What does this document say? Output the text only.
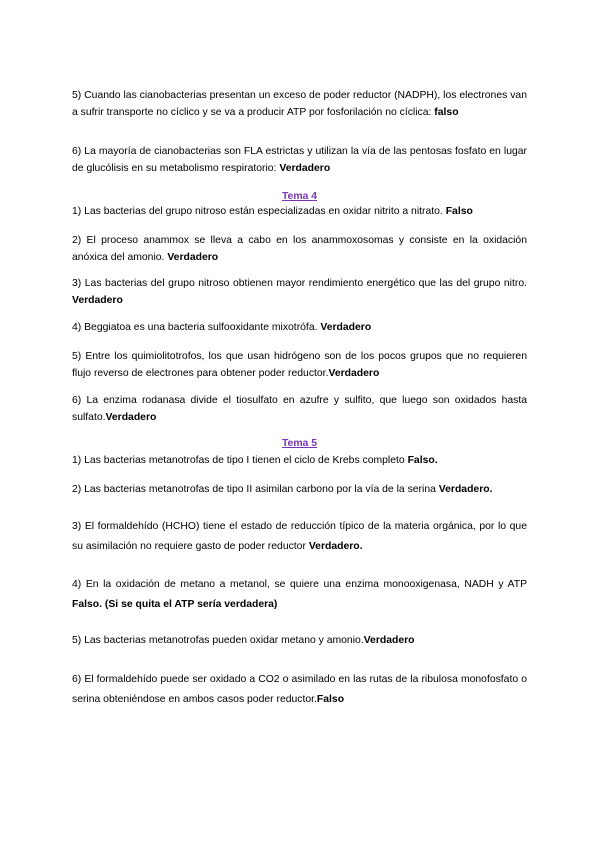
5) Cuando las cianobacterias presentan un exceso de poder reductor (NADPH), los electrones van a sufrir transporte no cíclico y se va a producir ATP por fosforilación no cíclica: falso

6) La mayoría de cianobacterias son FLA estrictas y utilizan la vía de las pentosas fosfato en lugar de glucólisis en su metabolismo respiratorio: Verdadero

Tema 4

1) Las bacterias del grupo nitroso están especializadas en oxidar nitrito a nitrato. Falso

2) El proceso anammox se lleva a cabo en los anammoxosomas y consiste en la oxidación anóxica del amonio. Verdadero

3) Las bacterias del grupo nitroso obtienen mayor rendimiento energético que las del grupo nitro. Verdadero

4) Beggiatoa es una bacteria sulfooxidante mixotrófa. Verdadero

5) Entre los quimiolitotrofos, los que usan hidrógeno son de los pocos grupos que no requieren flujo reverso de electrones para obtener poder reductor.Verdadero

6) La enzima rodanasa divide el tiosulfato en azufre y sulfito, que luego son oxidados hasta sulfato.Verdadero

Tema 5

1) Las bacterias metanotrofas de tipo I tienen el ciclo de Krebs completo Falso.

2) Las bacterias metanotrofas de tipo II asimilan carbono por la vía de la serina Verdadero.

3) El formaldehído (HCHO) tiene el estado de reducción típico de la materia orgánica, por lo que su asimilación no requiere gasto de poder reductor Verdadero.

4) En la oxidación de metano a metanol, se quiere una enzima monooxigenasa, NADH y ATP Falso. (Si se quita el ATP sería verdadera)

5) Las bacterias metanotrofas pueden oxidar metano y amonio.Verdadero

6) El formaldehído puede ser oxidado a CO2 o asimilado en las rutas de la ribulosa monofosfato o serina obteniéndose en ambos casos poder reductor.Falso
